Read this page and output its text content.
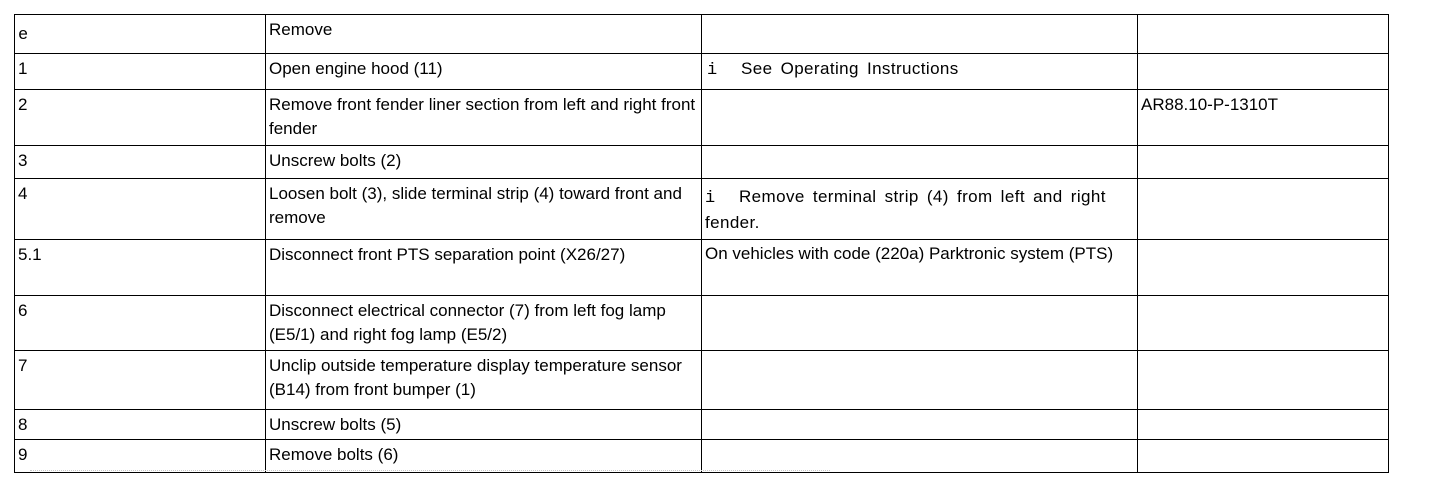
e	Remove		
1	Open engine hood (11)	i See Operating Instructions	
2	Remove front fender liner section from left and right front fender		AR88.10-P-1310T
3	Unscrew bolts (2)		
4	Loosen bolt (3), slide terminal strip (4) toward front and remove	i Remove terminal strip (4) from left and right fender.	
5.1	Disconnect front PTS separation point (X26/27)	On vehicles with code (220a) Parktronic system (PTS)	
6	Disconnect electrical connector (7) from left fog lamp (E5/1) and right fog lamp (E5/2)		
7	Unclip outside temperature display temperature sensor (B14) from front bumper (1)		
8	Unscrew bolts (5)		
9	Remove bolts (6)		
